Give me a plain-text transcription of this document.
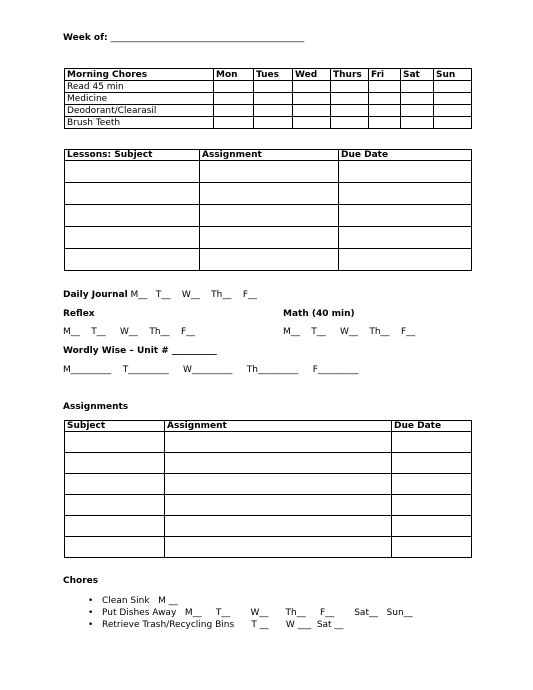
Week of: ___________________________________________
Morning Chores	Mon	Tues	Wed	Thurs	Fri	Sat	Sun
Read 45 min							
Medicine							
Deodorant/Clearasil							
Brush Teeth							
Lessons: Subject	Assignment	Due Date

Daily Journal M__   T__    W__    Th__    F__
Reflex
M__    T__     W__    Th__    F__
Math (40 min)
M__    T__     W__    Th__    F__
Wordly Wise – Unit # __________
M_________    T_________     W_________     Th_________     F_________
Assignments
Subject	Assignment	Due Date

Chores
• Clean Sink   M __
• Put Dishes Away   M__     T__       W__      Th__     F__       Sat__   Sun__
• Retrieve Trash/Recycling Bins      T __      W ___  Sat __
